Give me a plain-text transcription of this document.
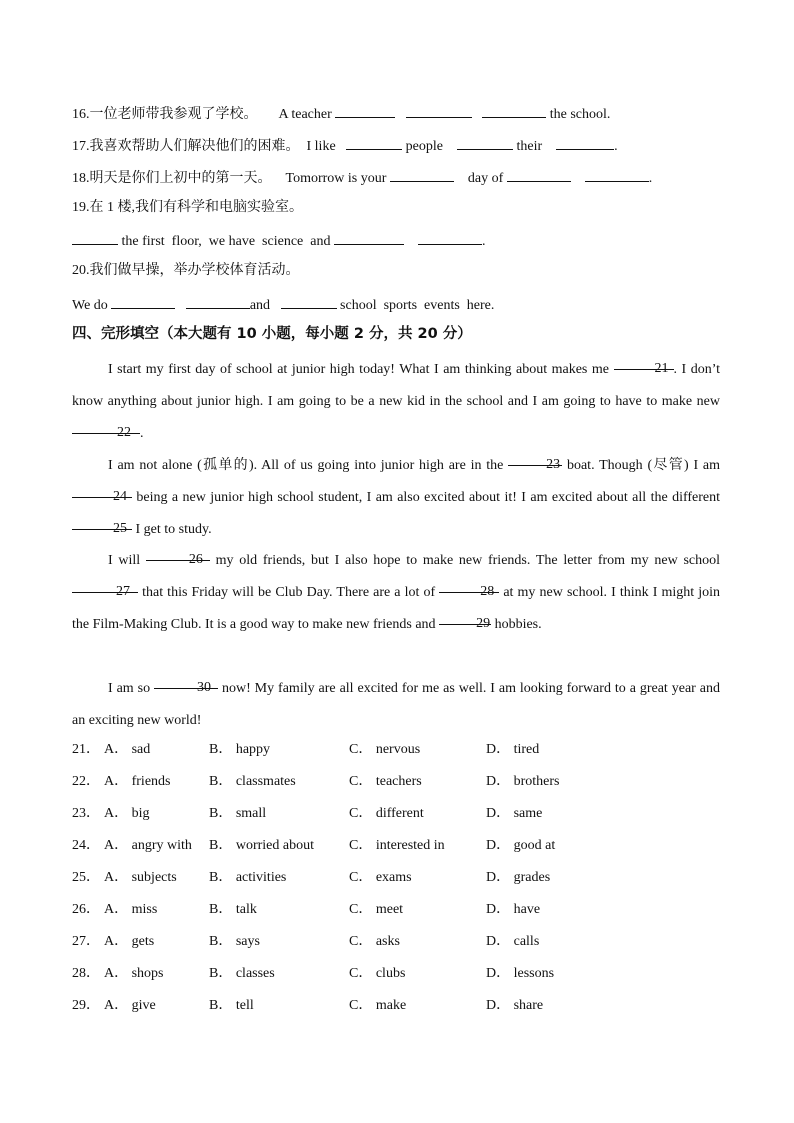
16.一位老师带我参观了学校。 A teacher	the school.
17.我喜欢帮助人们解决他们的困难。 I like	people	their	.
18.明天是你们上初中的第一天。 Tomorrow is your	day of	.
19.在 1 楼,我们有科学和电脑实验室。
the first  floor,  we have  science  and	.
20.我们做早操，举办学校体育活动。
We do	and	school  sports  events  here.
四、完形填空（本大题有 10 小题，每小题 2 分，共 20 分）
I start my first day of school at junior high today! What I am thinking about makes me	21 . I don’t know anything about junior high. I am going to be a new kid in the school and I am going to have to make new 22 .
I am not alone (孤单的). All of us going into junior high are in the	23 boat. Though (尽管) I am 24 being a new junior high school student, I am also excited about it! I am excited about all the different 25 I get to study.
I will	26 my old friends, but I also hope to make new friends. The letter from my new school 27 that this Friday will be Club Day. There are a lot of	28 at my new school. I think I might join the Film-Making Club. It is a good way to make new friends and	29 hobbies.
I am so	30 now! My family are all excited for me as well. I am looking forward to a great year and an exciting new world!
21． A． sad	B． happy	C． nervous	D． tired
22． A． friends	B． classmates	C． teachers	D． brothers
23． A． big	B． small	C． different	D． same
24． A． angry with B． worried about	C． interested in	D． good at
25． A． subjects B． activities	C． exams	D． grades
26． A． miss	B． talk	C． meet	D． have
27． A． gets	B． says	C． asks	D． calls
28． A． shops	B． classes	C． clubs	D． lessons
29． A． give	B． tell	C． make	D． share
